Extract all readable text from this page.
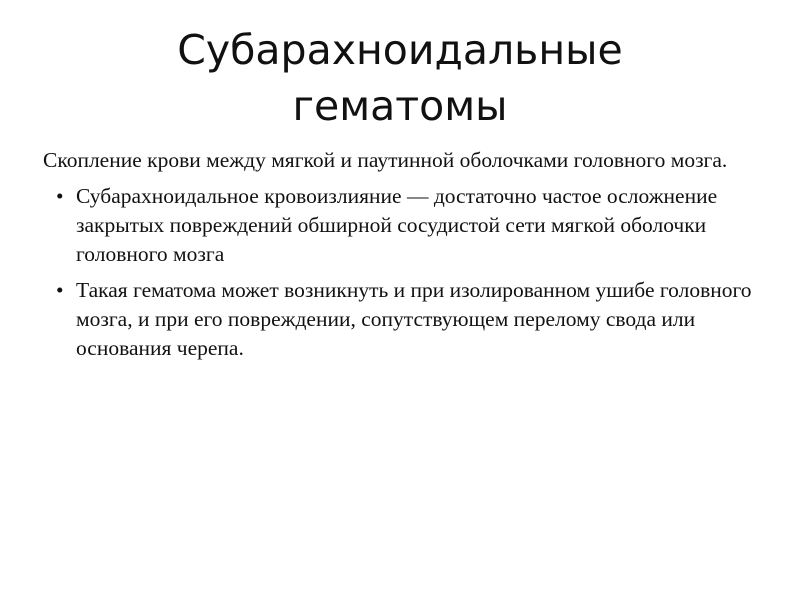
Субарахноидальные
гематомы

Скопление крови между мягкой и паутинной оболочками головного мозга.

• Субарахноидальное кровоизлияние — достаточно частое осложнение закрытых повреждений обширной сосудистой сети мягкой оболочки головного мозга
• Такая гематома может возникнуть и при изолированном ушибе головного мозга, и при его повреждении, сопутствующем перелому свода или основания черепа.
